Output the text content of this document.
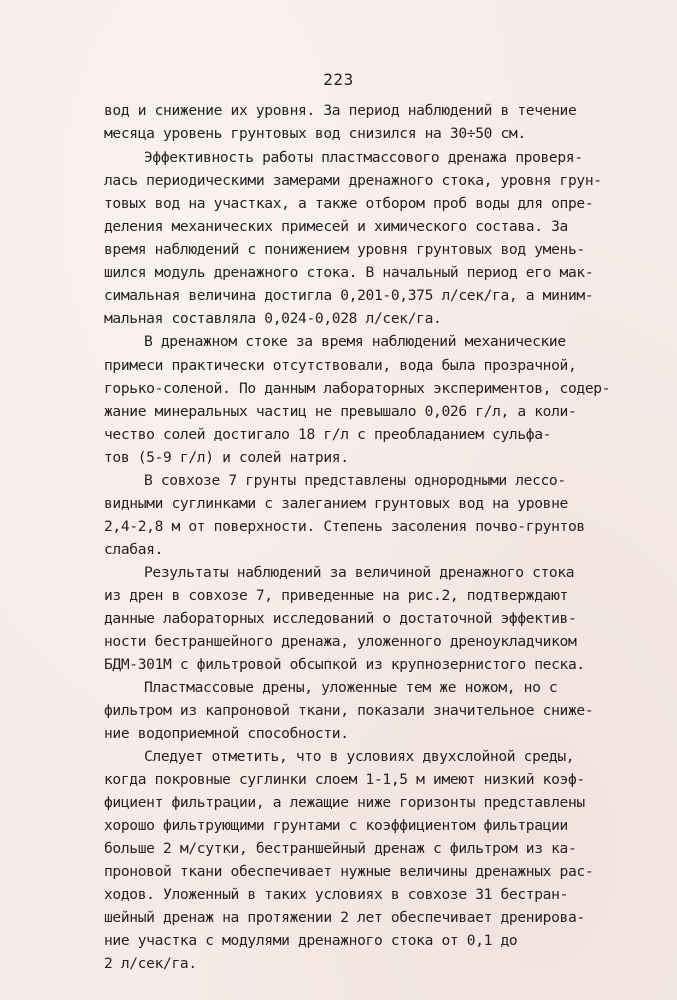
223
вод и снижение их уровня. За период наблюдений в течение
месяца уровень грунтовых вод снизился на 30÷50 см.
Эффективность работы пластмассового дренажа проверя-
лась периодическими замерами дренажного стока, уровня грун-
товых вод на участках, а также отбором проб воды для опре-
деления механических примесей и химического состава. За
время наблюдений с понижением уровня грунтовых вод умень-
шился модуль дренажного стока. В начальный период его мак-
симальная величина достигла 0,201-0,375 л/сек/га, а миним-
мальная составляла 0,024-0,028 л/сек/га.
В дренажном стоке за время наблюдений механические
примеси практически отсутствовали, вода была прозрачной,
горько-соленой. По данным лабораторных экспериментов, содер-
жание минеральных частиц не превышало 0,026 г/л, а коли-
чество солей достигало 18 г/л с преобладанием сульфа-
тов (5-9 г/л) и солей натрия.
В совхозе 7 грунты представлены однородными лессо-
видными суглинками с залеганием грунтовых вод на уровне
2,4-2,8 м от поверхности. Степень засоления почво-грунтов
слабая.
Результаты наблюдений за величиной дренажного стока
из дрен в совхозе 7, приведенные на рис.2, подтверждают
данные лабораторных исследований о достаточной эффектив-
ности бестраншейного дренажа, уложенного дреноукладчиком
БДМ-301М с фильтровой обсыпкой из крупнозернистого песка.
Пластмассовые дрены, уложенные тем же ножом, но с
фильтром из капроновой ткани, показали значительное сниже-
ние водоприемной способности.
Следует отметить, что в условиях двухслойной среды,
когда покровные суглинки слоем 1-1,5 м имеют низкий коэф-
фициент фильтрации, а лежащие ниже горизонты представлены
хорошо фильтрующими грунтами с коэффициентом фильтрации
больше 2 м/сутки, бестраншейный дренаж с фильтром из ка-
проновой ткани обеспечивает нужные величины дренажных рас-
ходов. Уложенный в таких условиях в совхозе 31 бестран-
шейный дренаж на протяжении 2 лет обеспечивает дренирова-
ние участка с модулями дренажного стока от 0,1 до
2 л/сек/га.
